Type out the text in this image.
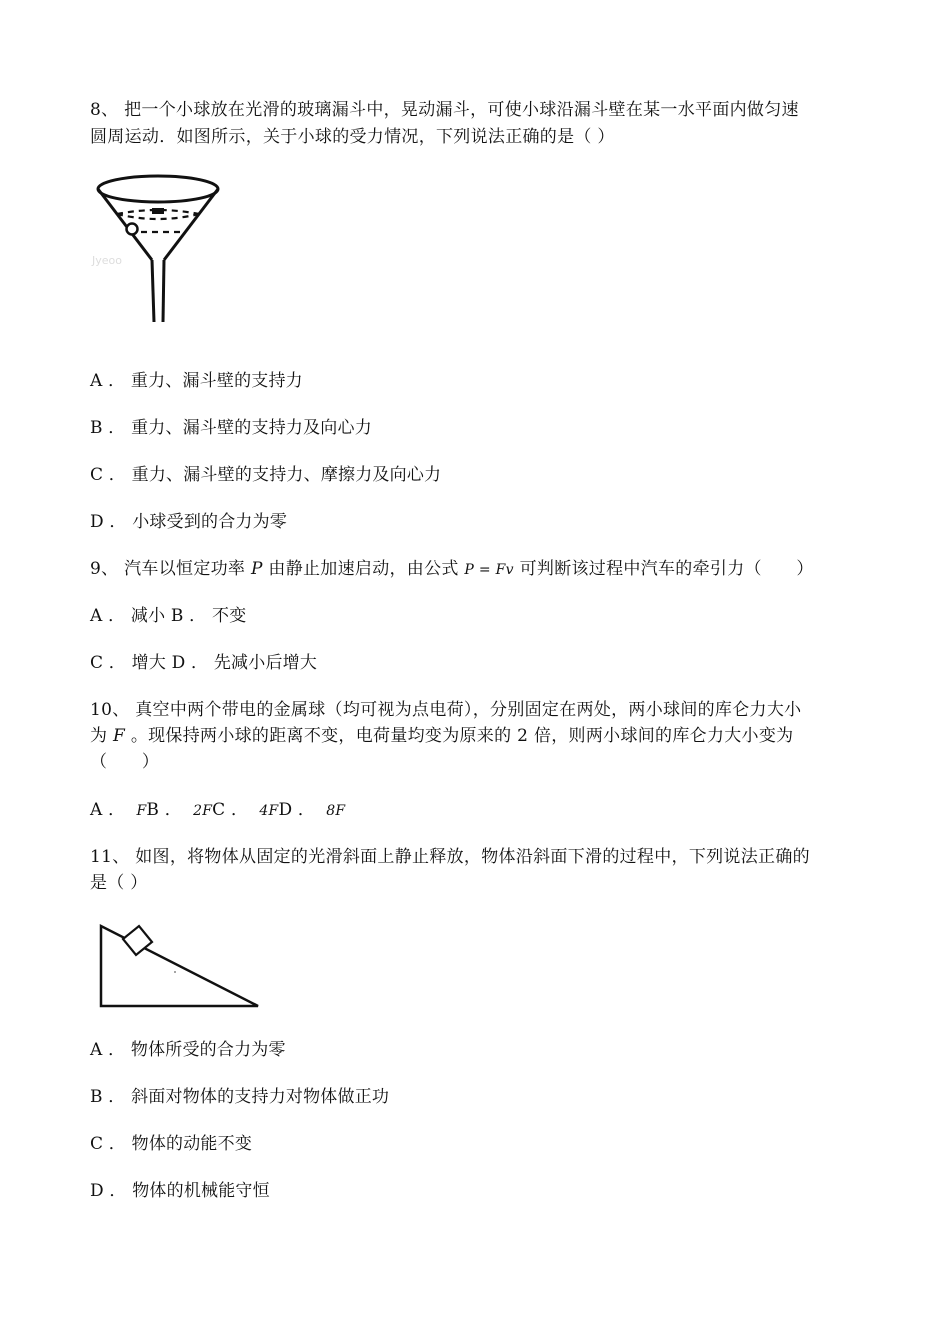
8、 把一个小球放在光滑的玻璃漏斗中，晃动漏斗，可使小球沿漏斗壁在某一水平面内做匀速
圆周运动．如图所示，关于小球的受力情况，下列说法正确的是（ ）
Jyeoo
A ． 重力、漏斗壁的支持力
B ． 重力、漏斗壁的支持力及向心力
C ． 重力、漏斗壁的支持力、摩擦力及向心力
D ． 小球受到的合力为零
9、 汽车以恒定功率 P 由静止加速启动，由公式 P = Fv 可判断该过程中汽车的牵引力（　　）
A ． 减小 B ． 不变
C ． 增大 D ． 先减小后增大
10、 真空中两个带电的金属球（均可视为点电荷），分别固定在两处，两小球间的库仑力大小
为 F 。现保持两小球的距离不变，电荷量均变为原来的 2 倍，则两小球间的库仑力大小变为
（　　）
A ． FB ． 2FC ． 4FD ． 8F
11、 如图，将物体从固定的光滑斜面上静止释放，物体沿斜面下滑的过程中，下列说法正确的
是（ ）
A ． 物体所受的合力为零
B ． 斜面对物体的支持力对物体做正功
C ． 物体的动能不变
D ． 物体的机械能守恒
